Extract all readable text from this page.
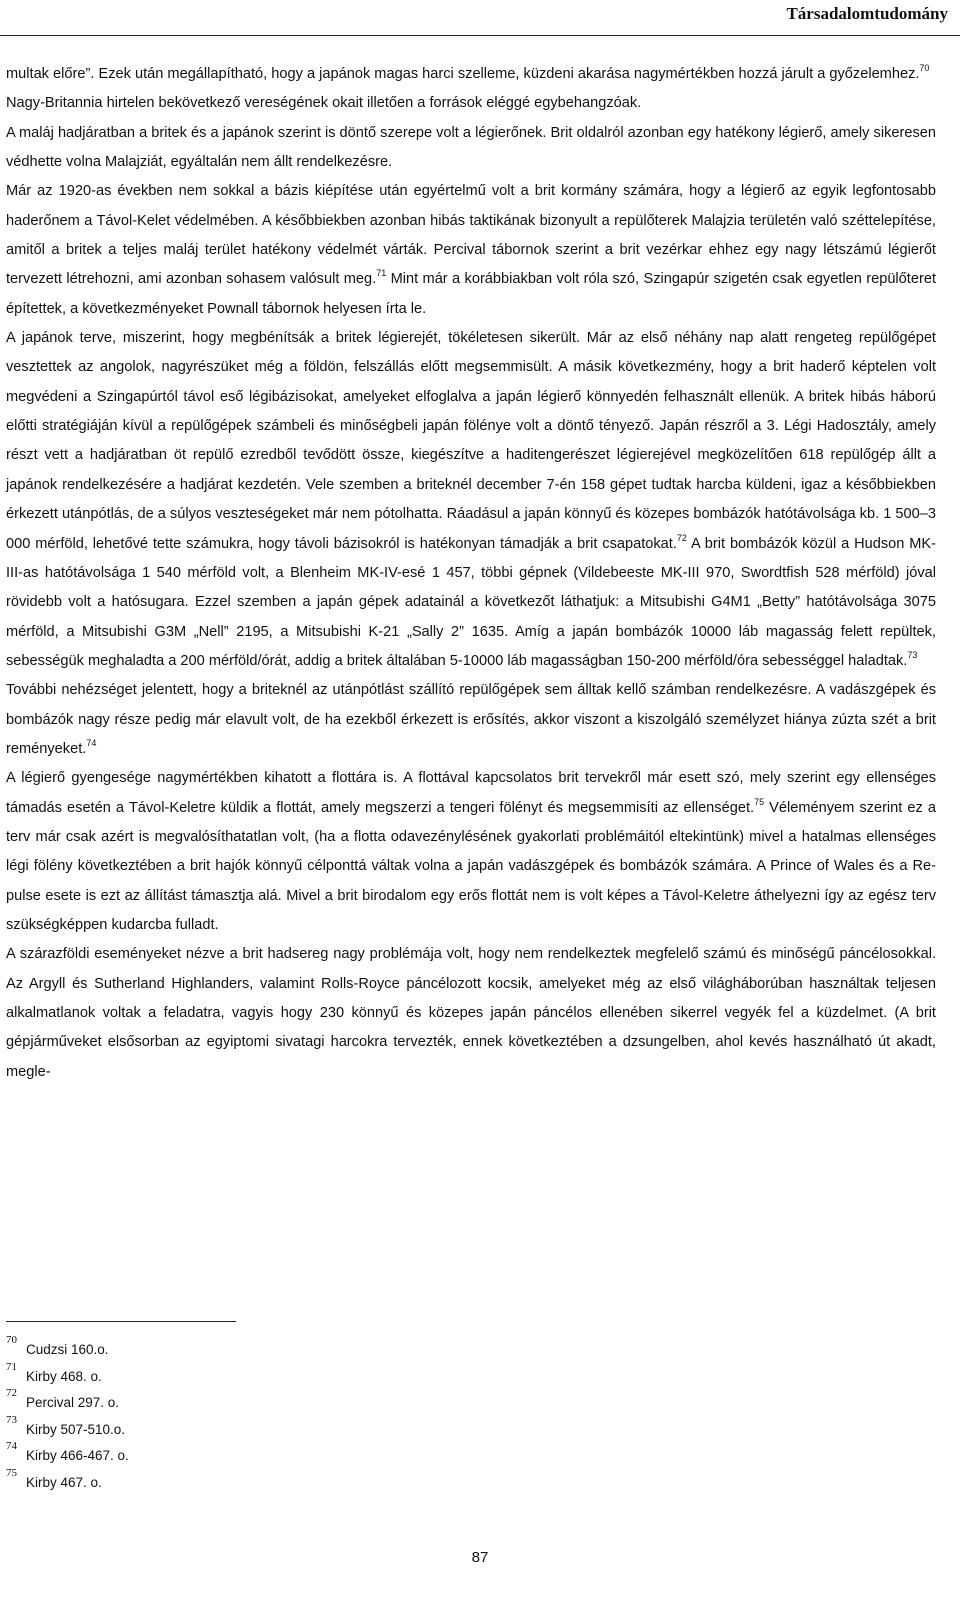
Társadalomtudomány

multak előre”. Ezek után megállapítható, hogy a japánok magas harci szelleme, küzdeni akarása nagymértékben hozzá járult a győzelemhez.$^{70}$

Nagy-Britannia hirtelen bekövetkező vereségének okait illetően a források eléggé egybehangzóak.

A maláj hadjáratban a britek és a japánok szerint is döntő szerepe volt a légierőnek. Brit oldalról azonban egy hatékony légierő, amely sikeresen védhette volna Malajziát, egyáltalán nem állt rendelkezésre.

Már az 1920-as években nem sokkal a bázis kiépítése után egyértelmű volt a brit kormány számára, hogy a légierő az egyik legfontosabb haderőnem a Távol-Kelet védelmében. A későbbiekben azonban hibás taktikának bizonyult a repülőterek Malajzia területén való széttelepítése, amitől a britek a teljes maláj terület hatékony védelmét várták. Percival tábornok szerint a brit vezérkar ehhez egy nagy létszámú légierőt tervezett létrehozni, ami azonban sohasem valósult meg.$^{71}$ Mint már a korábbiakban volt róla szó, Szingapúr szigetén csak egyetlen repülőteret építettek, a következményeket Pownall tábornok helyesen írta le.

A japánok terve, miszerint, hogy megbénítsák a britek légierejét, tökéletesen sikerült. Már az első néhány nap alatt rengeteg repülőgépet vesztettek az angolok, nagyrészüket még a földön, felszállás előtt megsemmisült. A másik következmény, hogy a brit haderő képtelen volt megvédeni a Szingapúrtól távol eső légibázisokat, amelyeket elfoglalva a japán légierő könnyedén felhasznált ellenük. A britek hibás háború előtti stratégiáján kívül a repülőgépek számbeli és minőségbeli japán fölénye volt a döntő tényező. Japán részről a 3. Légi Hadosztály, amely részt vett a hadjáratban öt repülő ezredből tevődött össze, kiegészítve a haditengerészet légierejével megközelítően 618 repülőgép állt a japánok rendelkezésére a hadjárat kezdetén. Vele szemben a briteknél december 7-én 158 gépet tudtak harcba küldeni, igaz a későbbiekben érkezett utánpótlás, de a súlyos veszteségeket már nem pótolhatta. Ráadásul a japán könnyű és közepes bombázók hatótávolsága kb. 1 500–3 000 mérföld, lehetővé tette számukra, hogy távoli bázisokról is hatékonyan támadják a brit csapatokat.$^{72}$ A brit bombázók közül a Hudson MK-III-as hatótávolsága 1 540 mérföld volt, a Blenheim MK-IV-esé 1 457, többi gépnek (Vildebeeste MK-III 970, Swordtfish 528 mérföld) jóval rövidebb volt a hatósugara. Ezzel szemben a japán gépek adatainál a következőt láthatjuk: a Mitsubishi G4M1 „Betty” hatótávolsága 3075 mérföld, a Mitsubishi G3M „Nell” 2195, a Mitsubishi K-21 „Sally 2” 1635. Amíg a japán bombázók 10000 láb magasság felett repültek, sebességük meghaladta a 200 mérföld/órát, addig a britek általában 5-10000 láb magasságban 150-200 mérföld/óra sebességgel haladtak.$^{73}$

További nehézséget jelentett, hogy a briteknél az utánpótlást szállító repülőgépek sem álltak kellő számban rendelkezésre. A vadászgépek és bombázók nagy része pedig már elavult volt, de ha ezekből érkezett is erősítés, akkor viszont a kiszolgáló személyzet hiánya zúzta szét a brit reményeket.$^{74}$

A légierő gyengesége nagymértékben kihatott a flottára is. A flottával kapcsolatos brit tervekről már esett szó, mely szerint egy ellenséges támadás esetén a Távol-Keletre küldik a flottát, amely megszerzi a tengeri fölényt és megsemmisíti az ellenséget.$^{75}$ Véleményem szerint ez a terv már csak azért is megvalósíthatatlan volt, (ha a flotta odavezénylésének gyakorlati problémáitól eltekintünk) mivel a hatalmas ellenséges légi fölény következtében a brit hajók könnyű célponttá váltak volna a japán vadászgépek és bombázók számára. A Prince of Wales és a Repulse esete is ezt az állítást támasztja alá. Mivel a brit birodalom egy erős flottát nem is volt képes a Távol-Keletre áthelyezni így az egész terv szükségképpen kudarcba fulladt.

A szárazföldi eseményeket nézve a brit hadsereg nagy problémája volt, hogy nem rendelkeztek megfelelő számú és minőségű páncélosokkal. Az Argyll és Sutherland Highlanders, valamint Rolls-Royce páncélozott kocsik, amelyeket még az első világháborúban használtak teljesen alkalmatlanok voltak a feladatra, vagyis hogy 230 könnyű és közepes japán páncélos ellenében sikerrel vegyék fel a küzdelmet. (A brit gépjárműveket elsősorban az egyiptomi sivatagi harcokra tervezték, ennek következtében a dzsungelben, ahol kevés használható út akadt, megle-

70
Cudzsi 160.o.
71
Kirby 468. o.
72
Percival 297. o.
73
Kirby 507-510.o.
74
Kirby 466-467. o.
75
Kirby 467. o.
87
